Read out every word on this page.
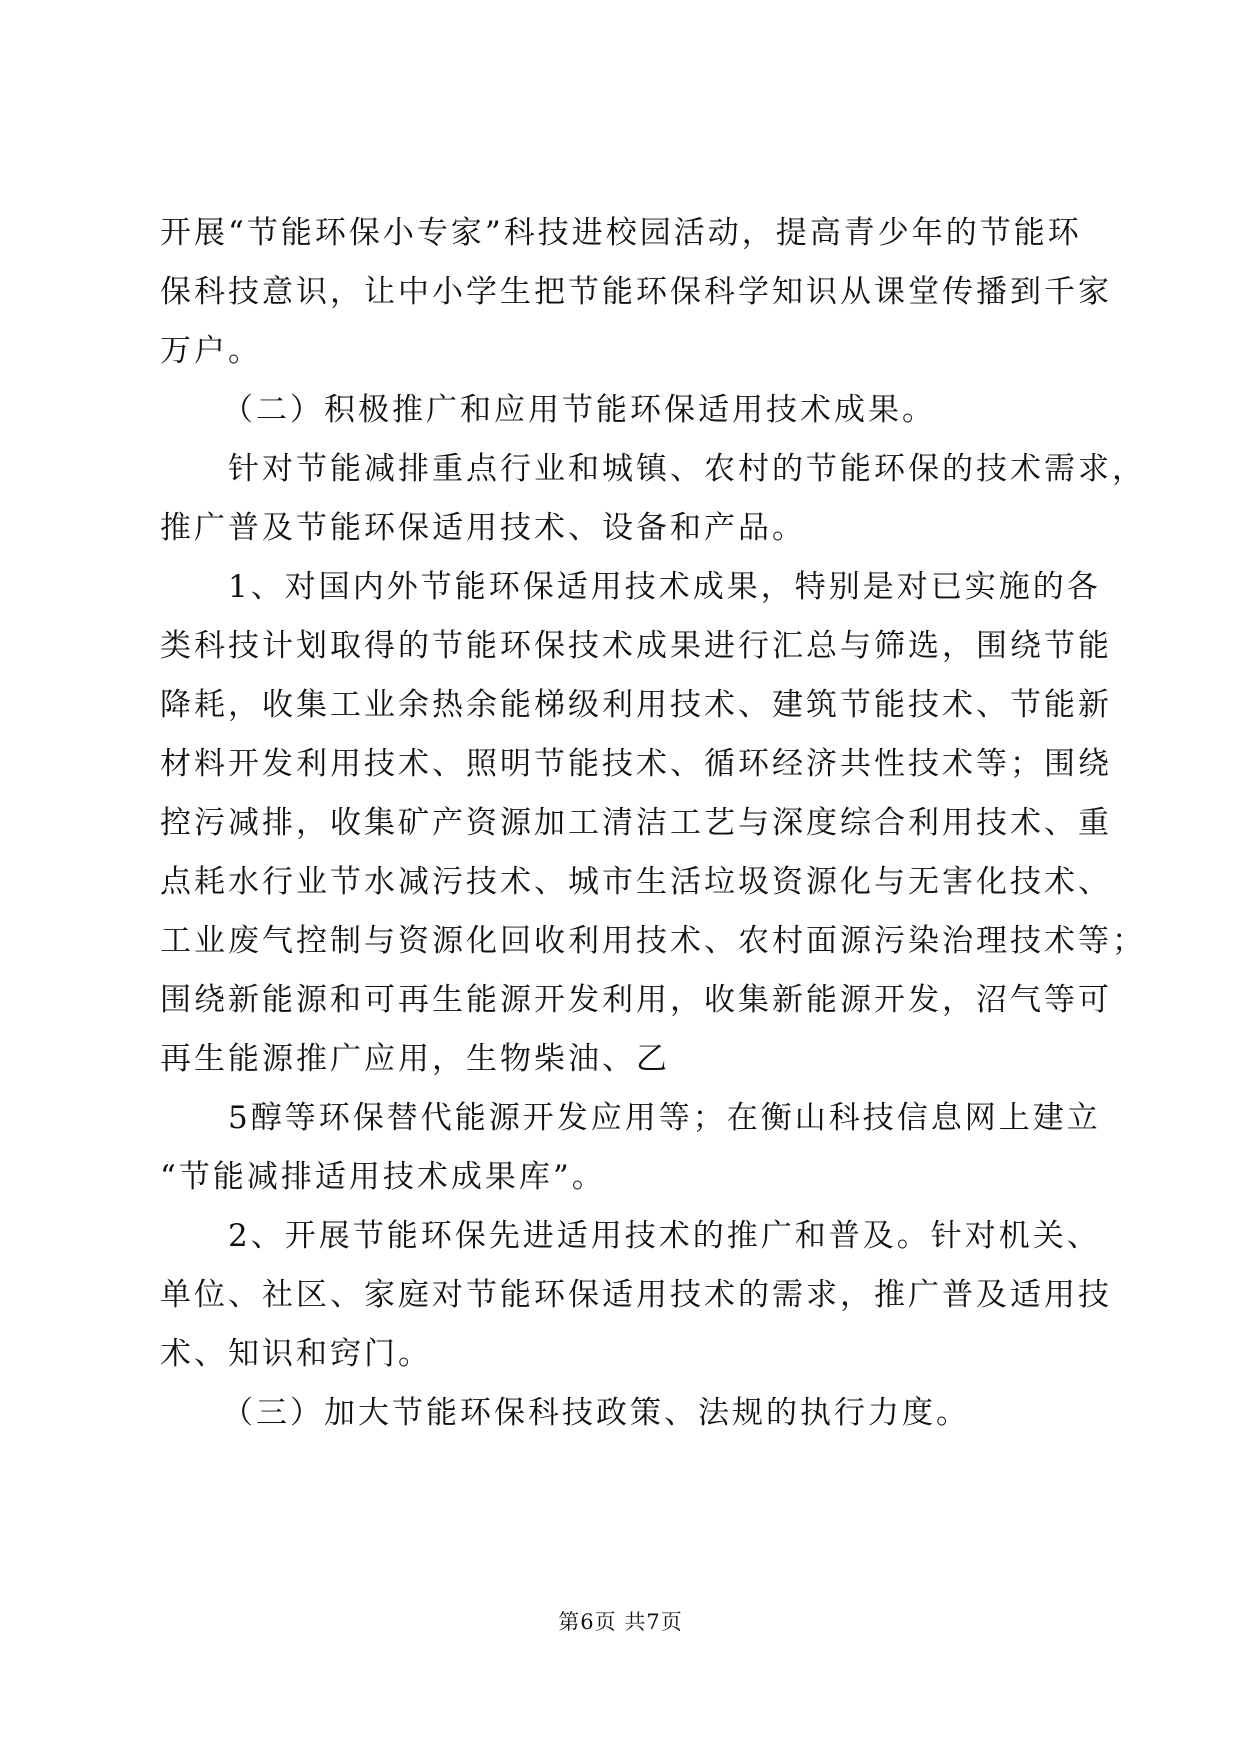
开展“节能环保小专家”科技进校园活动，提高青少年的节能环
保科技意识，让中小学生把节能环保科学知识从课堂传播到千家
万户。
（二）积极推广和应用节能环保适用技术成果。
针对节能减排重点行业和城镇、农村的节能环保的技术需求，
推广普及节能环保适用技术、设备和产品。
1、对国内外节能环保适用技术成果，特别是对已实施的各
类科技计划取得的节能环保技术成果进行汇总与筛选，围绕节能
降耗，收集工业余热余能梯级利用技术、建筑节能技术、节能新
材料开发利用技术、照明节能技术、循环经济共性技术等；围绕
控污减排，收集矿产资源加工清洁工艺与深度综合利用技术、重
点耗水行业节水减污技术、城市生活垃圾资源化与无害化技术、
工业废气控制与资源化回收利用技术、农村面源污染治理技术等；
围绕新能源和可再生能源开发利用，收集新能源开发，沼气等可
再生能源推广应用，生物柴油、乙
5醇等环保替代能源开发应用等；在衡山科技信息网上建立
“节能减排适用技术成果库”。
2、开展节能环保先进适用技术的推广和普及。针对机关、
单位、社区、家庭对节能环保适用技术的需求，推广普及适用技
术、知识和窍门。
（三）加大节能环保科技政策、法规的执行力度。
第6页 共7页
